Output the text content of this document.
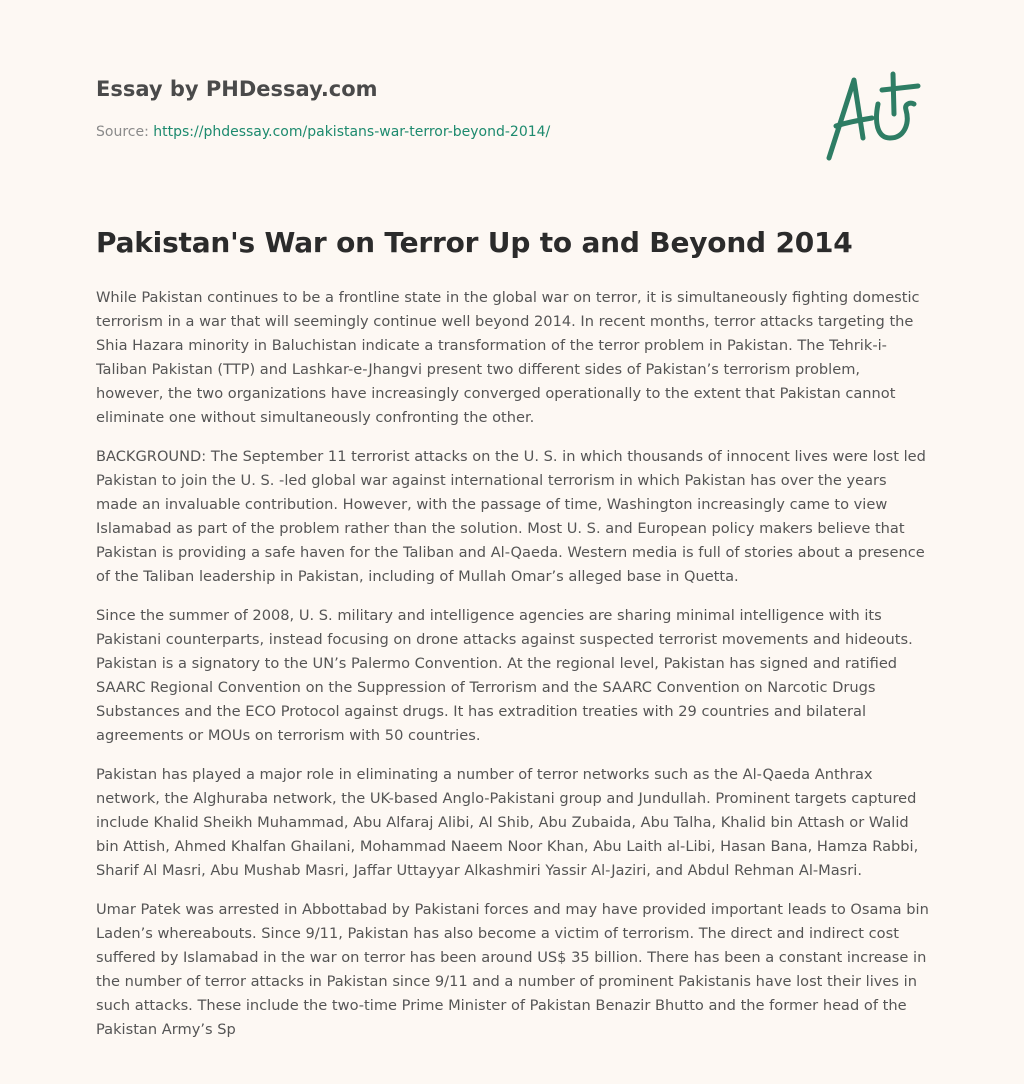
Essay by PHDessay.com
Source: https://phdessay.com/pakistans-war-terror-beyond-2014/
Pakistan's War on Terror Up to and Beyond 2014

While Pakistan continues to be a frontline state in the global war on terror, it is simultaneously fighting domestic terrorism in a war that will seemingly continue well beyond 2014. In recent months, terror attacks targeting the Shia Hazara minority in Baluchistan indicate a transformation of the terror problem in Pakistan. The Tehrik-i-Taliban Pakistan (TTP) and Lashkar-e-Jhangvi present two different sides of Pakistan’s terrorism problem, however, the two organizations have increasingly converged operationally to the extent that Pakistan cannot eliminate one without simultaneously confronting the other.

BACKGROUND: The September 11 terrorist attacks on the U. S. in which thousands of innocent lives were lost led Pakistan to join the U. S. -led global war against international terrorism in which Pakistan has over the years made an invaluable contribution. However, with the passage of time, Washington increasingly came to view Islamabad as part of the problem rather than the solution. Most U. S. and European policy makers believe that Pakistan is providing a safe haven for the Taliban and Al-Qaeda. Western media is full of stories about a presence of the Taliban leadership in Pakistan, including of Mullah Omar’s alleged base in Quetta.

Since the summer of 2008, U. S. military and intelligence agencies are sharing minimal intelligence with its Pakistani counterparts, instead focusing on drone attacks against suspected terrorist movements and hideouts. Pakistan is a signatory to the UN’s Palermo Convention. At the regional level, Pakistan has signed and ratified SAARC Regional Convention on the Suppression of Terrorism and the SAARC Convention on Narcotic Drugs Substances and the ECO Protocol against drugs. It has extradition treaties with 29 countries and bilateral agreements or MOUs on terrorism with 50 countries.

Pakistan has played a major role in eliminating a number of terror networks such as the Al-Qaeda Anthrax network, the Alghuraba network, the UK-based Anglo-Pakistani group and Jundullah. Prominent targets captured include Khalid Sheikh Muhammad, Abu Alfaraj Alibi, Al Shib, Abu Zubaida, Abu Talha, Khalid bin Attash or Walid bin Attish, Ahmed Khalfan Ghailani, Mohammad Naeem Noor Khan, Abu Laith al-Libi, Hasan Bana, Hamza Rabbi, Sharif Al Masri, Abu Mushab Masri, Jaffar Uttayyar Alkashmiri Yassir Al-Jaziri, and Abdul Rehman Al-Masri.

Umar Patek was arrested in Abbottabad by Pakistani forces and may have provided important leads to Osama bin Laden’s whereabouts. Since 9/11, Pakistan has also become a victim of terrorism. The direct and indirect cost suffered by Islamabad in the war on terror has been around US$ 35 billion. There has been a constant increase in the number of terror attacks in Pakistan since 9/11 and a number of prominent Pakistanis have lost their lives in such attacks. These include the two-time Prime Minister of Pakistan Benazir Bhutto and the former head of the Pakistan Army’s Sp
